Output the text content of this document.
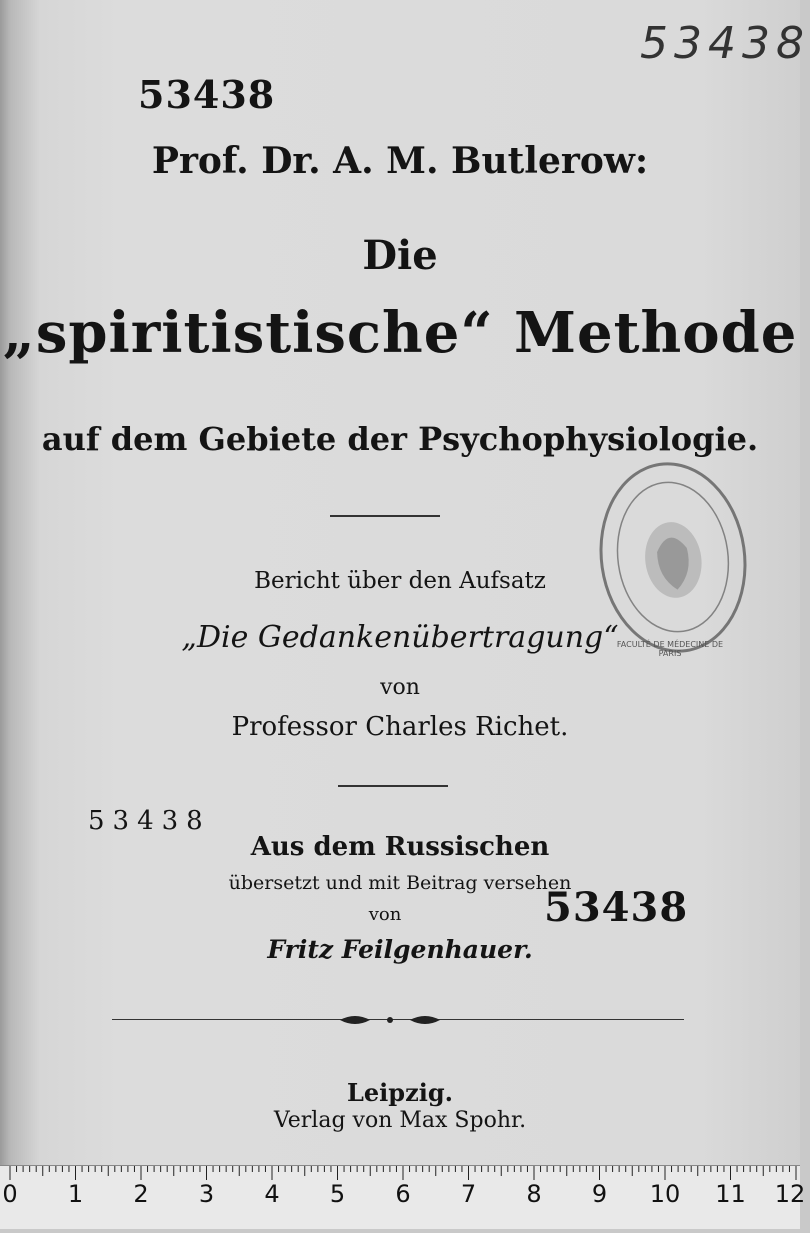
53438
53438
Prof. Dr. A. M. Butlerow:
Die
„spiritistische“ Methode
auf dem Gebiete der Psychophysiologie.
Bericht über den Aufsatz
„Die Gedankenübertragung“
von
Professor Charles Richet.
53438
Aus dem Russischen
übersetzt und mit Beitrag versehen
von
Fritz Feilgenhauer.
53438
Leipzig.
Verlag von Max Spohr.
FACULTÉ DE MÉDECINE DE PARIS
0 1 2 3 4 5 6 7 8 9 10 11 12
